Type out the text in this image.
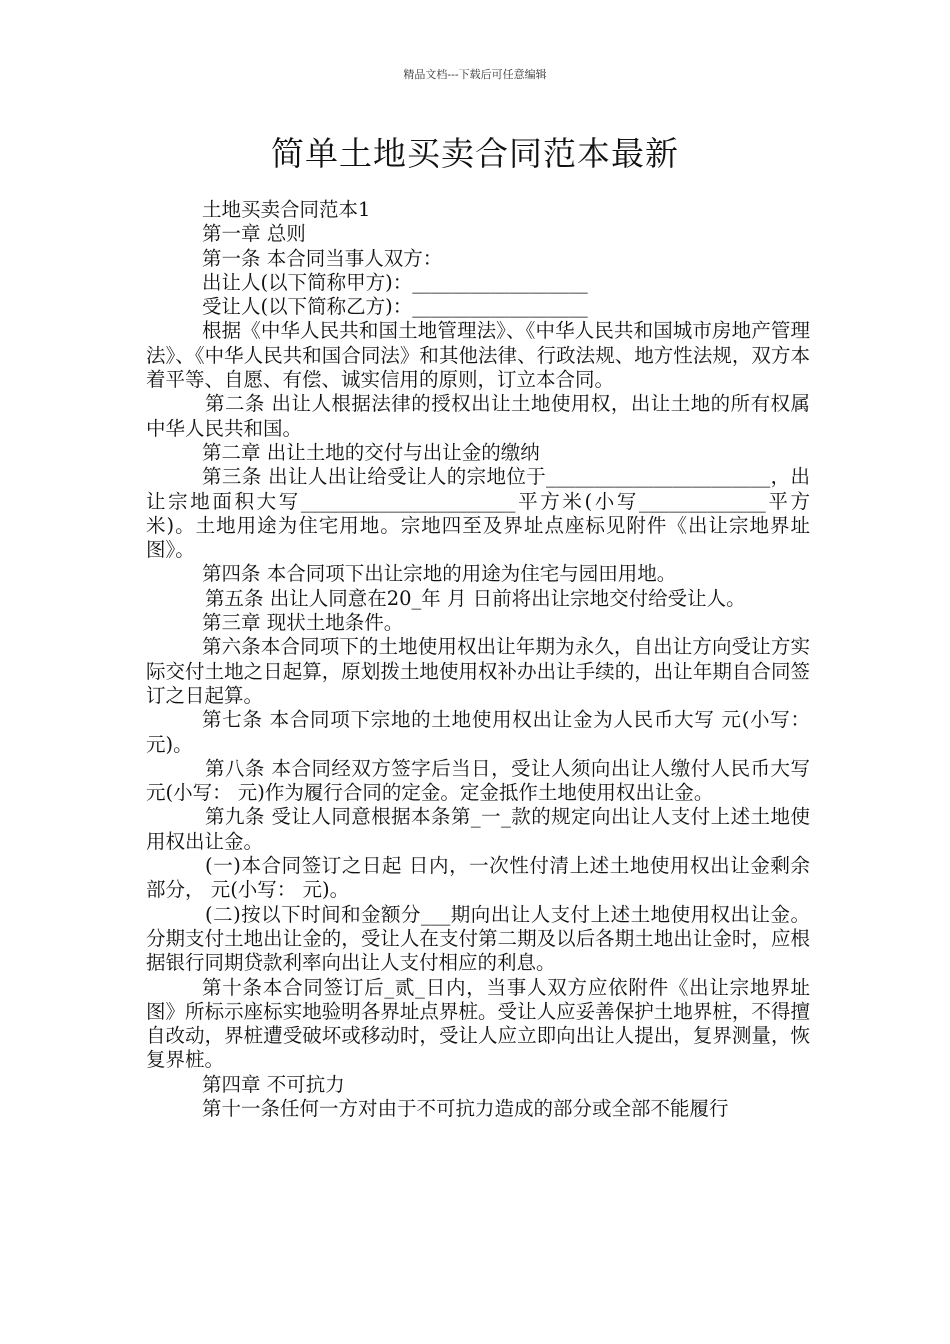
精品文档---下载后可任意编辑
简单土地买卖合同范本最新

土地买卖合同范本1

第一章 总则

第一条 本合同当事人双方：

出让人(以下简称甲方)：__________________

受让人(以下简称乙方)：__________________

根据《中华人民共和国土地管理法》、《中华人民共和国城市房地产管理法》、《中华人民共和国合同法》和其他法律、行政法规、地方性法规，双方本着平等、自愿、有偿、诚实信用的原则，订立本合同。

第二条 出让人根据法律的授权出让土地使用权，出让土地的所有权属中华人民共和国。

第二章 出让土地的交付与出让金的缴纳

第三条 出让人出让给受让人的宗地位于_______________________，出让宗地面积大写______________________平方米(小写_____________平方米)。土地用途为住宅用地。宗地四至及界址点座标见附件《出让宗地界址图》。

第四条 本合同项下出让宗地的用途为住宅与园田用地。

第五条 出让人同意在20_年 月 日前将出让宗地交付给受让人。

第三章 现状土地条件。

第六条本合同项下的土地使用权出让年期为永久，自出让方向受让方实际交付土地之日起算，原划拨土地使用权补办出让手续的，出让年期自合同签订之日起算。

第七条 本合同项下宗地的土地使用权出让金为人民币大写 元(小写： 元)。

第八条 本合同经双方签字后当日，受让人须向出让人缴付人民币大写 元(小写： 元)作为履行合同的定金。定金抵作土地使用权出让金。

第九条 受让人同意根据本条第_一_款的规定向出让人支付上述土地使用权出让金。

(一)本合同签订之日起 日内，一次性付清上述土地使用权出让金剩余部分， 元(小写： 元)。

(二)按以下时间和金额分___期向出让人支付上述土地使用权出让金。分期支付土地出让金的，受让人在支付第二期及以后各期土地出让金时，应根据银行同期贷款利率向出让人支付相应的利息。

第十条本合同签订后_贰_日内，当事人双方应依附件《出让宗地界址图》所标示座标实地验明各界址点界桩。受让人应妥善保护土地界桩，不得擅自改动，界桩遭受破坏或移动时，受让人应立即向出让人提出，复界测量，恢复界桩。

第四章 不可抗力

第十一条任何一方对由于不可抗力造成的部分或全部不能履行
